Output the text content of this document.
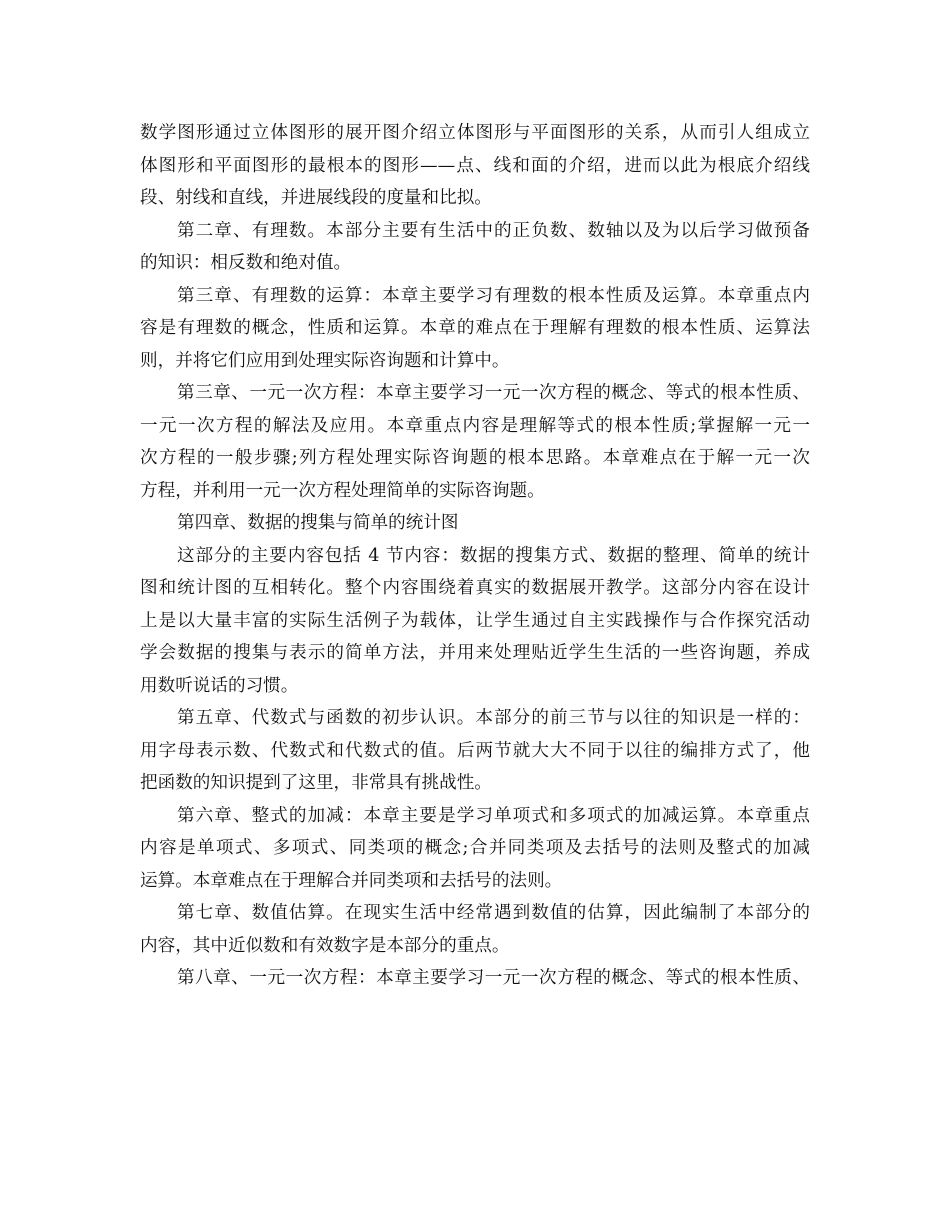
数学图形通过立体图形的展开图介绍立体图形与平面图形的关系，从而引人组成立
体图形和平面图形的最根本的图形——点、线和面的介绍，进而以此为根底介绍线
段、射线和直线，并进展线段的度量和比拟。
第二章、有理数。本部分主要有生活中的正负数、数轴以及为以后学习做预备
的知识：相反数和绝对值。
第三章、有理数的运算：本章主要学习有理数的根本性质及运算。本章重点内
容是有理数的概念，性质和运算。本章的难点在于理解有理数的根本性质、运算法
则，并将它们应用到处理实际咨询题和计算中。
第三章、一元一次方程：本章主要学习一元一次方程的概念、等式的根本性质、
一元一次方程的解法及应用。本章重点内容是理解等式的根本性质;掌握解一元一
次方程的一般步骤;列方程处理实际咨询题的根本思路。本章难点在于解一元一次
方程，并利用一元一次方程处理简单的实际咨询题。
第四章、数据的搜集与简单的统计图
这部分的主要内容包括 4 节内容：数据的搜集方式、数据的整理、简单的统计
图和统计图的互相转化。整个内容围绕着真实的数据展开教学。这部分内容在设计
上是以大量丰富的实际生活例子为载体，让学生通过自主实践操作与合作探究活动
学会数据的搜集与表示的简单方法，并用来处理贴近学生生活的一些咨询题，养成
用数听说话的习惯。
第五章、代数式与函数的初步认识。本部分的前三节与以往的知识是一样的：
用字母表示数、代数式和代数式的值。后两节就大大不同于以往的编排方式了，他
把函数的知识提到了这里，非常具有挑战性。
第六章、整式的加减：本章主要是学习单项式和多项式的加减运算。本章重点
内容是单项式、多项式、同类项的概念;合并同类项及去括号的法则及整式的加减
运算。本章难点在于理解合并同类项和去括号的法则。
第七章、数值估算。在现实生活中经常遇到数值的估算，因此编制了本部分的
内容，其中近似数和有效数字是本部分的重点。
第八章、一元一次方程：本章主要学习一元一次方程的概念、等式的根本性质、
